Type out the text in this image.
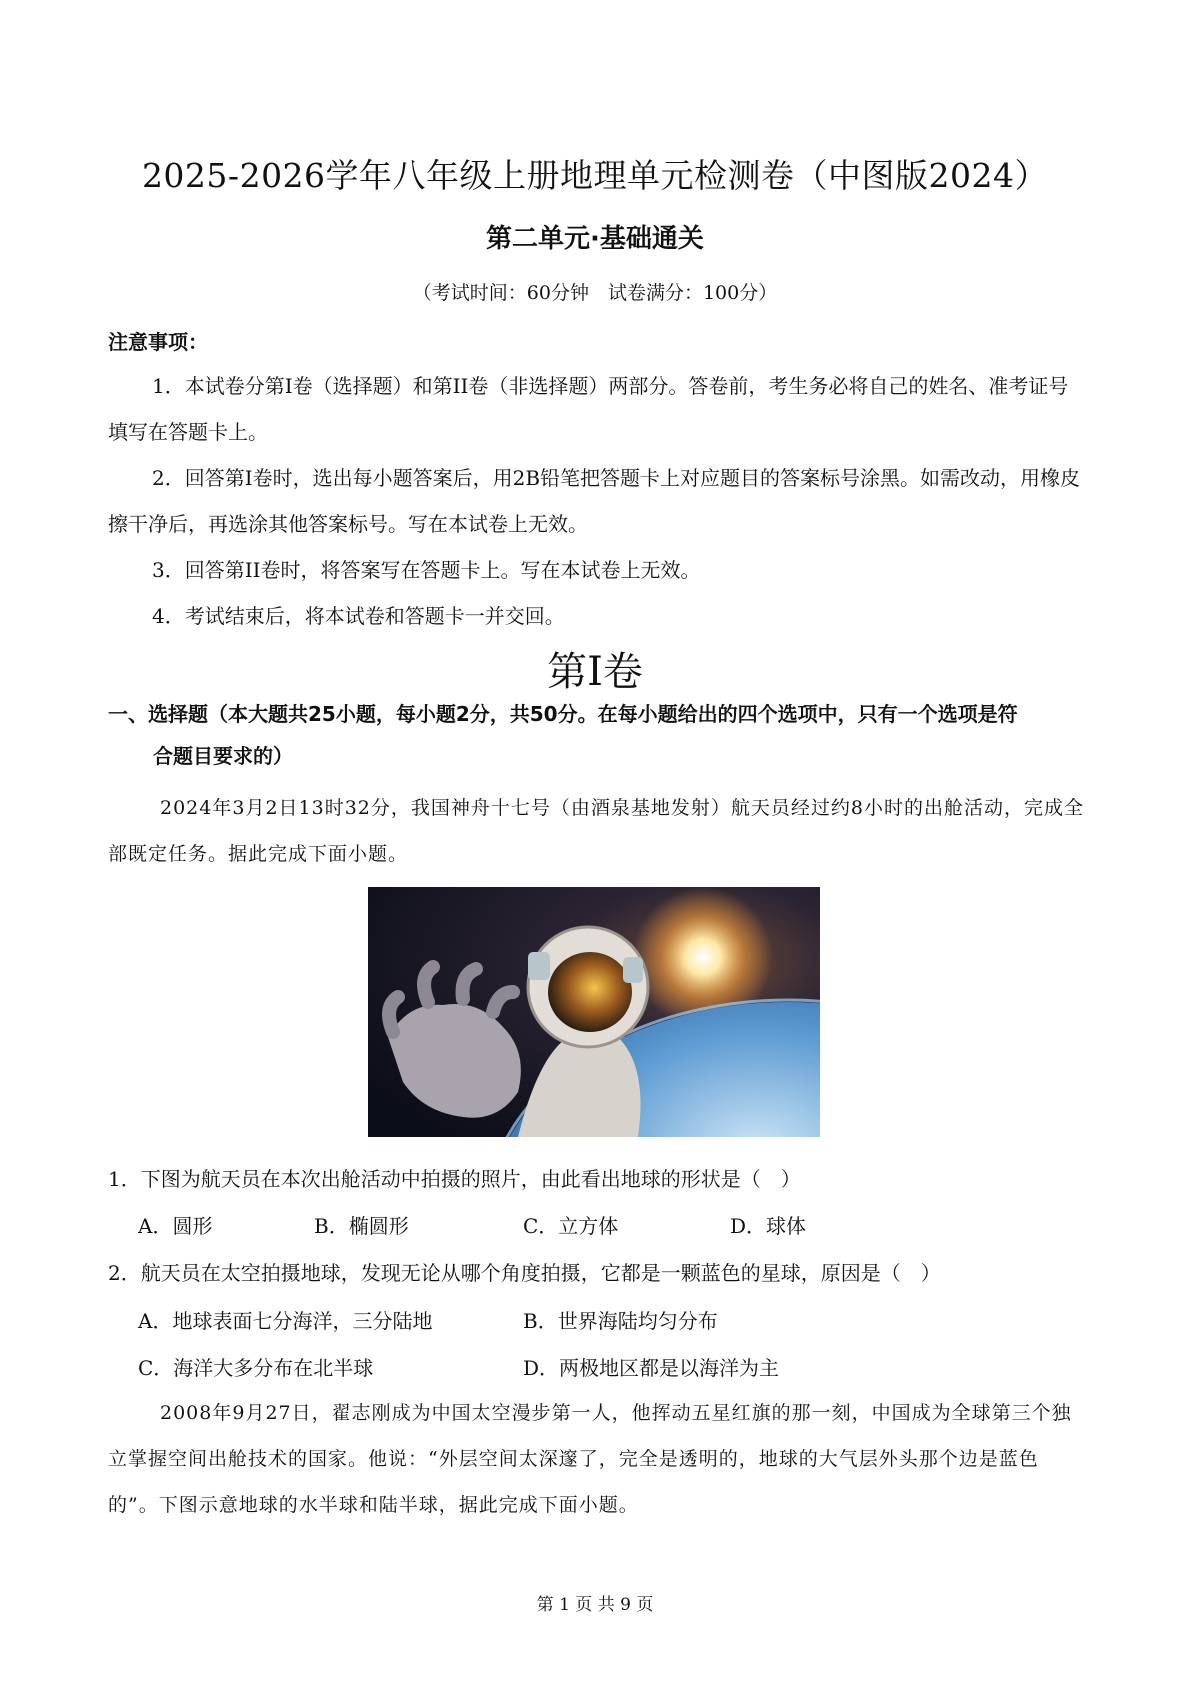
2025-2026学年八年级上册地理单元检测卷（中图版2024）
第二单元·基础通关
（考试时间：60分钟　试卷满分：100分）
注意事项：

1．本试卷分第I卷（选择题）和第II卷（非选择题）两部分。答卷前，考生务必将自己的姓名、准考证号填写在答题卡上。

2．回答第I卷时，选出每小题答案后，用2B铅笔把答题卡上对应题目的答案标号涂黑。如需改动，用橡皮擦干净后，再选涂其他答案标号。写在本试卷上无效。

3．回答第II卷时，将答案写在答题卡上。写在本试卷上无效。

4．考试结束后，将本试卷和答题卡一并交回。

第I卷
一、选择题（本大题共25小题，每小题2分，共50分。在每小题给出的四个选项中，只有一个选项是符
合题目要求的）
2024年3月2日13时32分，我国神舟十七号（由酒泉基地发射）航天员经过约8小时的出舱活动，完成全部既定任务。据此完成下面小题。
1．下图为航天员在本次出舱活动中拍摄的照片，由此看出地球的形状是（　）
A．圆形	B．椭圆形	C．立方体	D．球体
2．航天员在太空拍摄地球，发现无论从哪个角度拍摄，它都是一颗蓝色的星球，原因是（　）
A．地球表面七分海洋，三分陆地	B．世界海陆均匀分布
C．海洋大多分布在北半球	D．两极地区都是以海洋为主
2008年9月27日，翟志刚成为中国太空漫步第一人，他挥动五星红旗的那一刻，中国成为全球第三个独立掌握空间出舱技术的国家。他说：“外层空间太深邃了，完全是透明的，地球的大气层外头那个边是蓝色的”。下图示意地球的水半球和陆半球，据此完成下面小题。
第 1 页 共 9 页
